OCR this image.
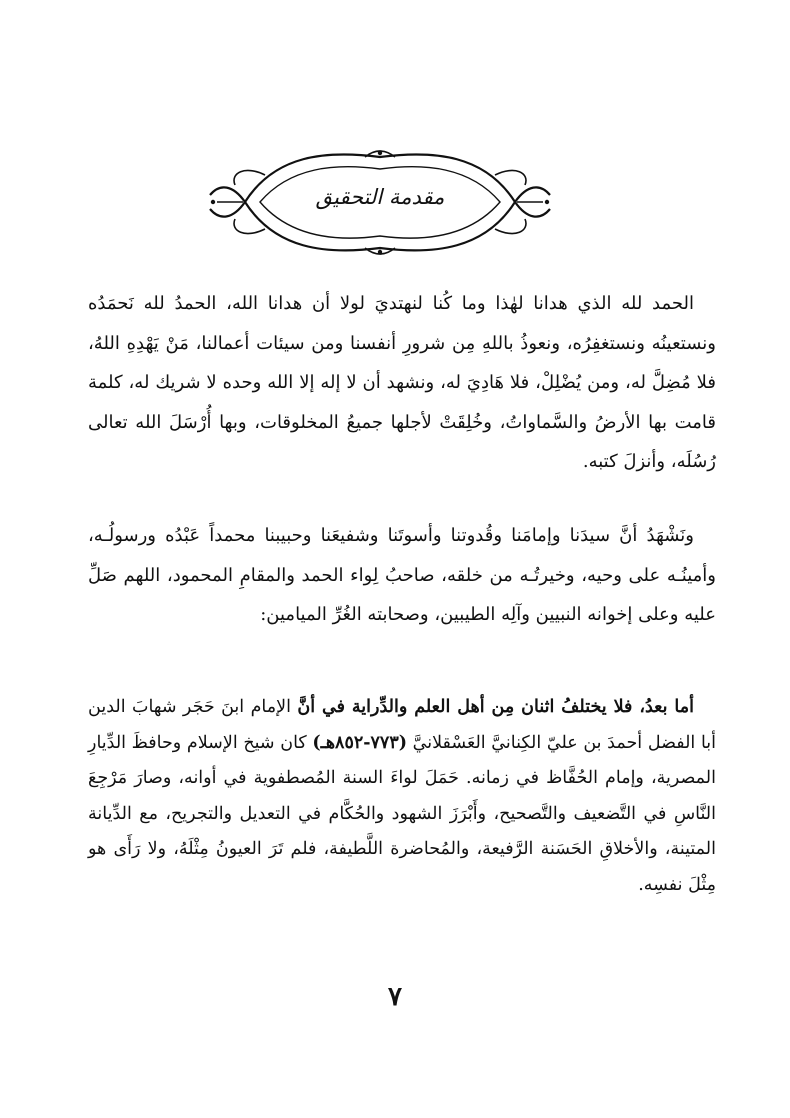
مقدمة التحقيق

الحمد لله الذي هدانا لهٰذا وما كُنا لنهتديَ لولا أن هدانا الله، الحمدُ لله نَحمَدُه ونستعينُه ونستغفِرُه، ونعوذُ باللهِ مِن شرورِ أنفسنا ومن سيئات أعمالنا، مَنْ يَهْدِهِ اللهُ، فلا مُضِلَّ له، ومن يُضْلِلْ، فلا هَادِيَ له، ونشهد أن لا إله إلا الله وحده لا شريك له، كلمة قامت بها الأرضُ والسَّماواتُ، وخُلِقَتْ لأجلها جميعُ المخلوقات، وبها أُرْسَلَ الله تعالى رُسُلَه، وأنزلَ كتبه.

ونَشْهَدُ أنَّ سيدَنا وإمامَنا وقُدوتنا وأسوتَنا وشفيعَنا وحبيبنا محمداً عَبْدُه ورسولُـه، وأمينُـه على وحيه، وخيرتُـه من خلقه، صاحبُ لِواء الحمد والمقامِ المحمود، اللهم صَلِّ عليه وعلى إخوانه النبيين وآلِه الطيبين، وصحابته الغُرِّ الميامين:

أما بعدُ، فلا يختلفُ اثنان مِن أهل العلم والدِّراية في أنَّ الإمام ابنَ حَجَر شهابَ الدين أبا الفضل أحمدَ بن عليّ الكِنانيَّ العَسْقلانيَّ (٧٧٣-٨٥٢هـ) كان شيخ الإسلام وحافظَ الدِّيارِ المصرية، وإمام الحُفَّاظ في زمانه. حَمَلَ لواءَ السنة المُصطفوية في أوانه، وصارَ مَرْجِعَ النَّاسِ في التَّضعيف والتَّصحيح، وأَبْرَزَ الشهود والحُكَّام في التعديل والتجريح، مع الدِّيانة المتينة، والأخلاقِ الحَسَنة الرَّفيعة، والمُحاضرة اللَّطيفة، فلم تَرَ العيونُ مِثْلَهُ، ولا رَأَى هو مِثْلَ نفسِه.

٧
